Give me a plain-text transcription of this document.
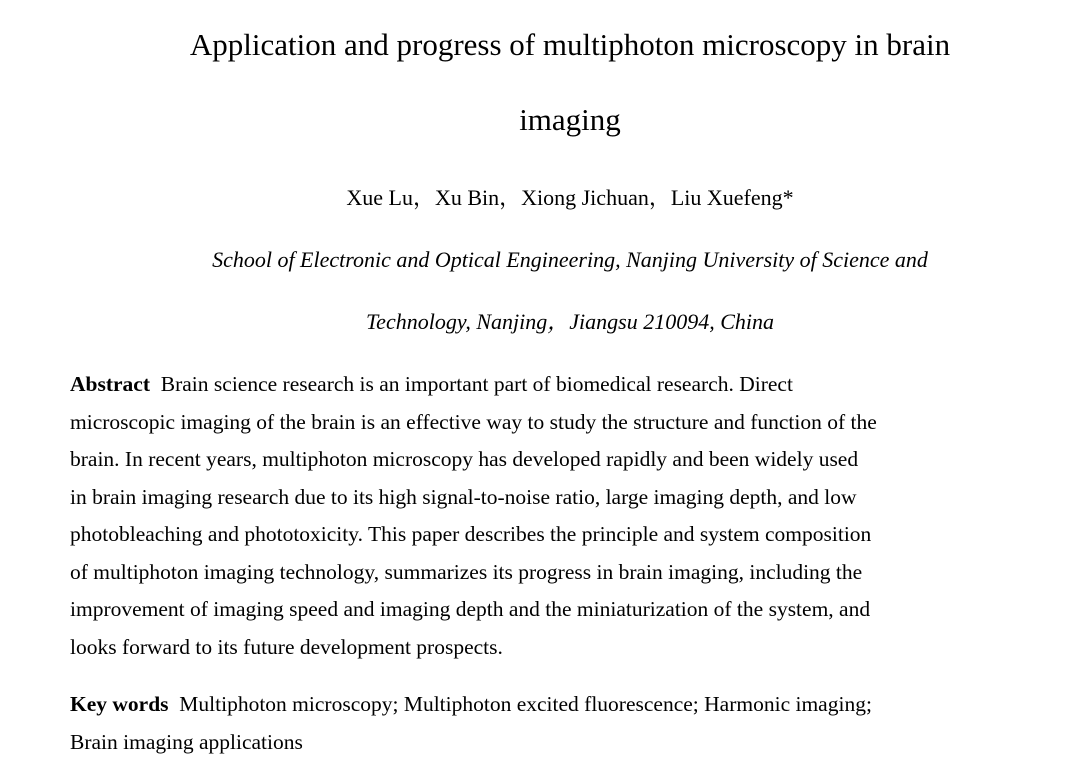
Application and progress of multiphoton microscopy in brain
imaging
Xue Lu，Xu Bin，Xiong Jichuan，Liu Xuefeng*
School of Electronic and Optical Engineering, Nanjing University of Science and
Technology, Nanjing，Jiangsu 210094, China
Abstract Brain science research is an important part of biomedical research. Direct
microscopic imaging of the brain is an effective way to study the structure and function of the
brain. In recent years, multiphoton microscopy has developed rapidly and been widely used
in brain imaging research due to its high signal-to-noise ratio, large imaging depth, and low
photobleaching and phototoxicity. This paper describes the principle and system composition
of multiphoton imaging technology, summarizes its progress in brain imaging, including the
improvement of imaging speed and imaging depth and the miniaturization of the system, and
looks forward to its future development prospects.
Key words Multiphoton microscopy; Multiphoton excited fluorescence; Harmonic imaging;
Brain imaging applications
